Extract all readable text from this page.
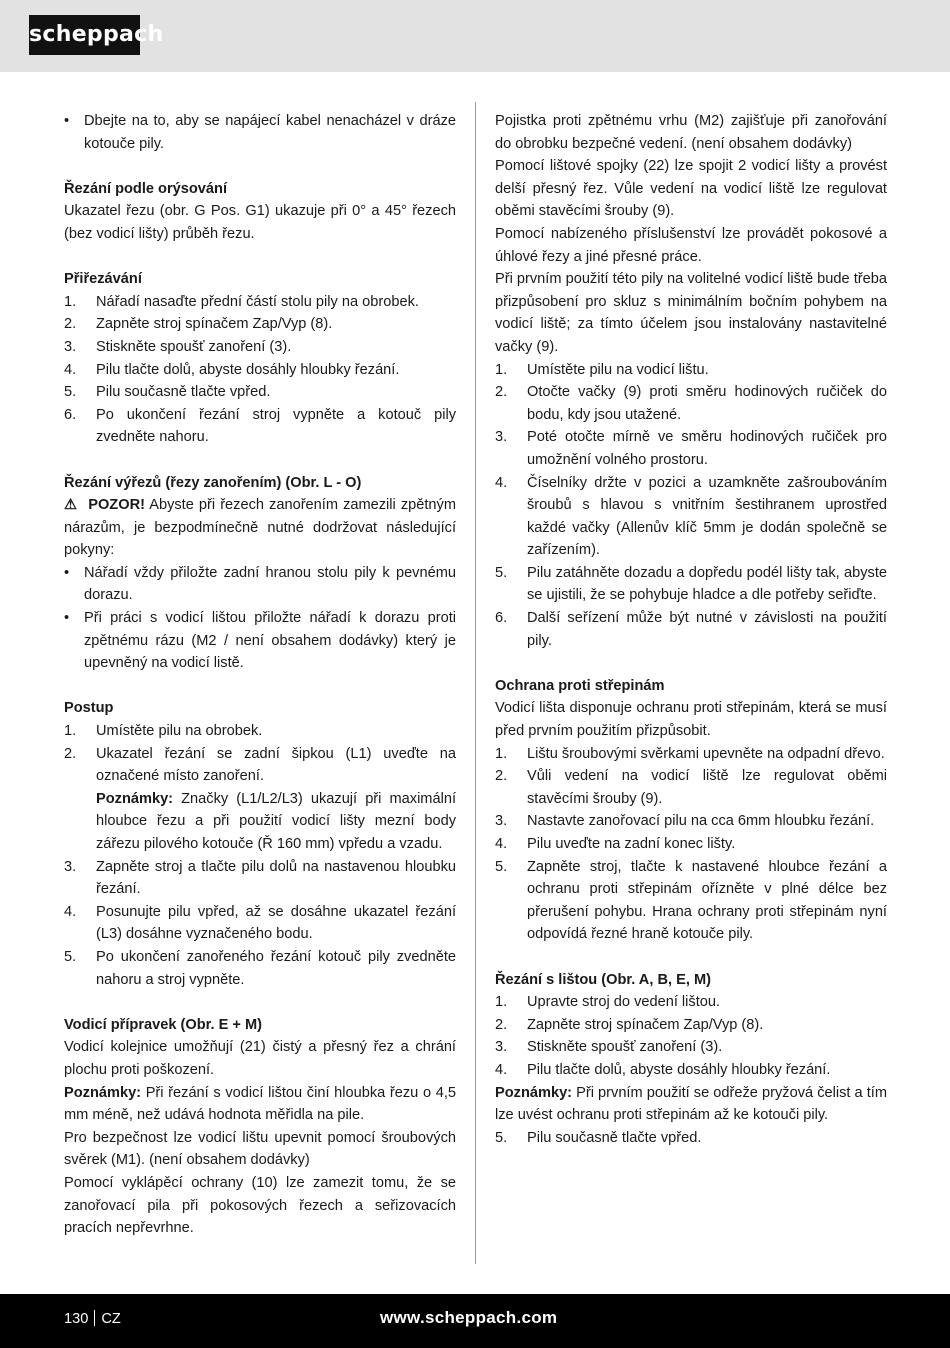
scheppach
• Dbejte na to, aby se napájecí kabel nenacházel v dráze kotouče pily.

Řezání podle orýsování

Ukazatel řezu (obr. G Pos. G1) ukazuje při 0° a 45° řezech (bez vodicí lišty) průběh řezu.

Přiřezávání

1. Nářadí nasaďte přední částí stolu pily na obrobek.
2. Zapněte stroj spínačem Zap/Vyp (8).
3. Stiskněte spoušť zanoření (3).
4. Pilu tlačte dolů, abyste dosáhly hloubky řezání.
5. Pilu současně tlačte vpřed.
6. Po ukončení řezání stroj vypněte a kotouč pily zvedněte nahoru.

Řezání výřezů (řezy zanořením) (Obr. L - O)

⚠ POZOR! Abyste při řezech zanořením zamezili zpětným nárazům, je bezpodmínečně nutné dodržovat následující pokyny:

• Nářadí vždy přiložte zadní hranou stolu pily k pevnému dorazu.
• Při práci s vodicí lištou přiložte nářadí k dorazu proti zpětnému rázu (M2 / není obsahem dodávky) který je upevněný na vodicí listě.

Postup

1. Umístěte pilu na obrobek.
2. Ukazatel řezání se zadní šipkou (L1) uveďte na označené místo zanoření.
Poznámky: Značky (L1/L2/L3) ukazují při maximální hloubce řezu a při použití vodicí lišty mezní body zářezu pilového kotouče (Ř 160 mm) vpředu a vzadu.
3. Zapněte stroj a tlačte pilu dolů na nastavenou hloubku řezání.
4. Posunujte pilu vpřed, až se dosáhne ukazatel řezání (L3) dosáhne vyznačeného bodu.
5. Po ukončení zanořeného řezání kotouč pily zvedněte nahoru a stroj vypněte.

Vodicí přípravek (Obr. E + M)

Vodicí kolejnice umožňují (21) čistý a přesný řez a chrání plochu proti poškození.

Poznámky: Při řezání s vodicí lištou činí hloubka řezu o 4,5 mm méně, než udává hodnota měřidla na pile.

Pro bezpečnost lze vodicí lištu upevnit pomocí šroubových svěrek (M1). (není obsahem dodávky)

Pomocí vyklápěcí ochrany (10) lze zamezit tomu, že se zanořovací pila při pokosových řezech a seřizovacích pracích nepřevrhne.

Pojistka proti zpětnému vrhu (M2) zajišťuje při zanořování do obrobku bezpečné vedení. (není obsahem dodávky)

Pomocí lištové spojky (22) lze spojit 2 vodicí lišty a provést delší přesný řez. Vůle vedení na vodicí liště lze regulovat oběmi stavěcími šrouby (9).

Pomocí nabízeného příslušenství lze provádět pokosové a úhlové řezy a jiné přesné práce.

Při prvním použití této pily na volitelné vodicí liště bude třeba přizpůsobení pro skluz s minimálním bočním pohybem na vodicí liště; za tímto účelem jsou instalovány nastavitelné vačky (9).

1. Umístěte pilu na vodicí lištu.
2. Otočte vačky (9) proti směru hodinových ručiček do bodu, kdy jsou utažené.
3. Poté otočte mírně ve směru hodinových ručiček pro umožnění volného prostoru.
4. Číselníky držte v pozici a uzamkněte zašroubováním šroubů s hlavou s vnitřním šestihranem uprostřed každé vačky (Allenův klíč 5mm je dodán společně se zařízením).
5. Pilu zatáhněte dozadu a dopředu podél lišty tak, abyste se ujistili, že se pohybuje hladce a dle potřeby seřiďte.
6. Další seřízení může být nutné v závislosti na použití pily.

Ochrana proti střepinám

Vodicí lišta disponuje ochranu proti střepinám, která se musí před prvním použitím přizpůsobit.

1. Lištu šroubovými svěrkami upevněte na odpadní dřevo.
2. Vůli vedení na vodicí liště lze regulovat oběmi stavěcími šrouby (9).
3. Nastavte zanořovací pilu na cca 6mm hloubku řezání.
4. Pilu uveďte na zadní konec lišty.
5. Zapněte stroj, tlačte k nastavené hloubce řezání a ochranu proti střepinám ořízněte v plné délce bez přerušení pohybu. Hrana ochrany proti střepinám nyní odpovídá řezné hraně kotouče pily.

Řezání s lištou (Obr. A, B, E, M)

1. Upravte stroj do vedení lištou.
2. Zapněte stroj spínačem Zap/Vyp (8).
3. Stiskněte spoušť zanoření (3).
4. Pilu tlačte dolů, abyste dosáhly hloubky řezání.

Poznámky: Při prvním použití se odřeže pryžová čelist a tím lze uvést ochranu proti střepinám až ke kotouči pily.

5. Pilu současně tlačte vpřed.
130 CZ	www.scheppach.com
